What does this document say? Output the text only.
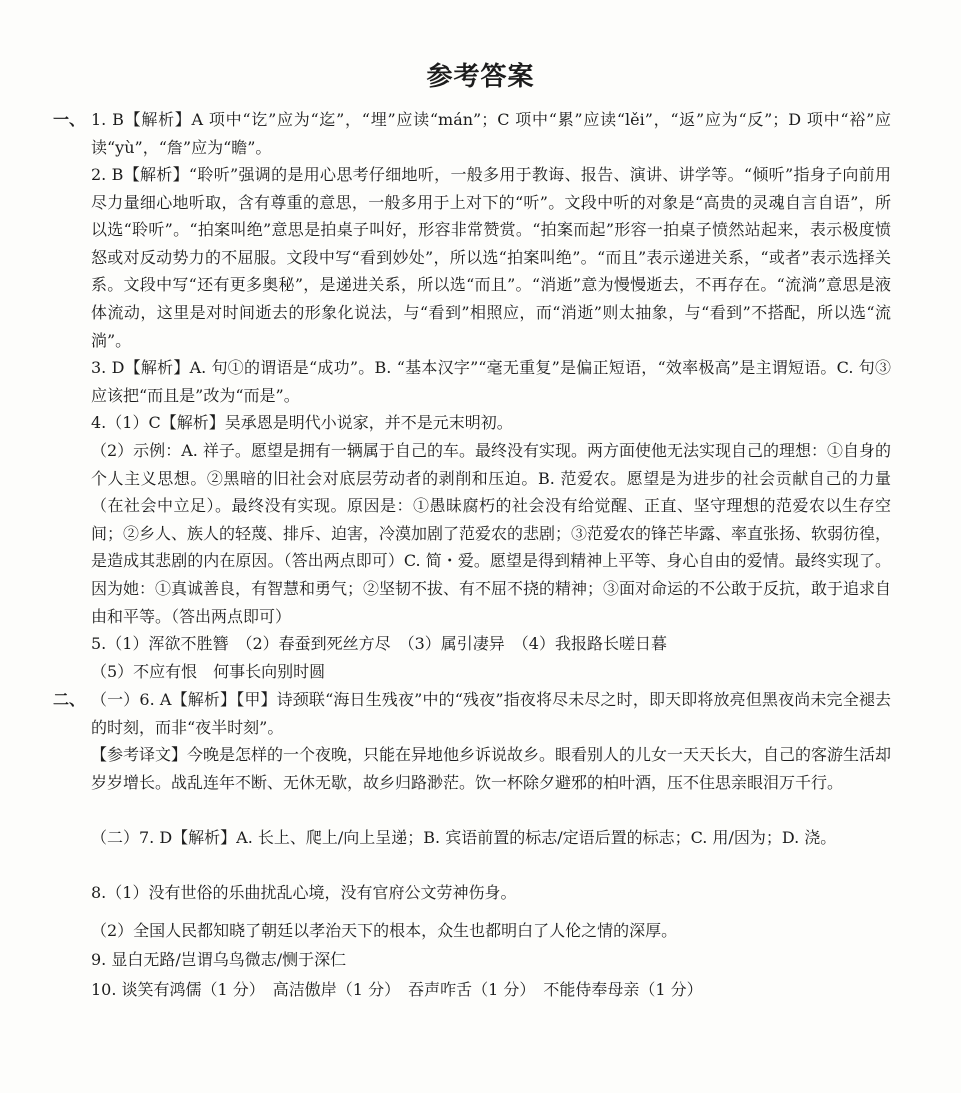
参考答案
一、 1. B【解析】A 项中“讫”应为“迄”，“埋”应读“mán”；C 项中“累”应读“lěi”，“返”应为“反”；D 项中“裕”应读“yù”，“詹”应为“瞻”。

2. B【解析】“聆听”强调的是用心思考仔细地听，一般多用于教诲、报告、演讲、讲学等。“倾听”指身子向前用尽力量细心地听取，含有尊重的意思，一般多用于上对下的“听”。文段中听的对象是“高贵的灵魂自言自语”，所以选“聆听”。“拍案叫绝”意思是拍桌子叫好，形容非常赞赏。“拍案而起”形容一拍桌子愤然站起来，表示极度愤怒或对反动势力的不屈服。文段中写“看到妙处”，所以选“拍案叫绝”。“而且”表示递进关系，“或者”表示选择关系。文段中写“还有更多奥秘”，是递进关系，所以选“而且”。“消逝”意为慢慢逝去，不再存在。“流淌”意思是液体流动，这里是对时间逝去的形象化说法，与“看到”相照应，而“消逝”则太抽象，与“看到”不搭配，所以选“流淌”。

3. D【解析】A. 句①的谓语是“成功”。B. “基本汉字”“毫无重复”是偏正短语，“效率极高”是主谓短语。C. 句③应该把“而且是”改为“而是”。

4.（1）C【解析】吴承恩是明代小说家，并不是元末明初。

（2）示例：A. 祥子。愿望是拥有一辆属于自己的车。最终没有实现。两方面使他无法实现自己的理想：①自身的个人主义思想。②黑暗的旧社会对底层劳动者的剥削和压迫。B. 范爱农。愿望是为进步的社会贡献自己的力量（在社会中立足）。最终没有实现。原因是：①愚昧腐朽的社会没有给觉醒、正直、坚守理想的范爱农以生存空间；②乡人、族人的轻蔑、排斥、迫害，冷漠加剧了范爱农的悲剧；③范爱农的锋芒毕露、率直张扬、软弱彷徨，是造成其悲剧的内在原因。（答出两点即可）C. 简・爱。愿望是得到精神上平等、身心自由的爱情。最终实现了。因为她：①真诚善良，有智慧和勇气；②坚韧不拔、有不屈不挠的精神；③面对命运的不公敢于反抗，敢于追求自由和平等。（答出两点即可）

5.（1）浑欲不胜簪　（2）春蚕到死丝方尽　（3）属引凄异　（4）我报路长嗟日暮

（5）不应有恨　何事长向别时圆

二、 （一）6. A【解析】【甲】诗颈联“海日生残夜”中的“残夜”指夜将尽未尽之时，即天即将放亮但黑夜尚未完全褪去的时刻，而非“夜半时刻”。

【参考译文】今晚是怎样的一个夜晚，只能在异地他乡诉说故乡。眼看别人的儿女一天天长大，自己的客游生活却岁岁增长。战乱连年不断、无休无歇，故乡归路渺茫。饮一杯除夕避邪的柏叶酒，压不住思亲眼泪万千行。

（二）7. D【解析】A. 长上、爬上/向上呈递；B. 宾语前置的标志/定语后置的标志；C. 用/因为；D. 浇。

8.（1）没有世俗的乐曲扰乱心境，没有官府公文劳神伤身。

（2）全国人民都知晓了朝廷以孝治天下的根本，众生也都明白了人伦之情的深厚。

9. 显白无路/岂谓乌鸟微志/恻于深仁

10. 谈笑有鸿儒（1 分）　高洁傲岸（1 分）　吞声咋舌（1 分）　不能侍奉母亲（1 分）
